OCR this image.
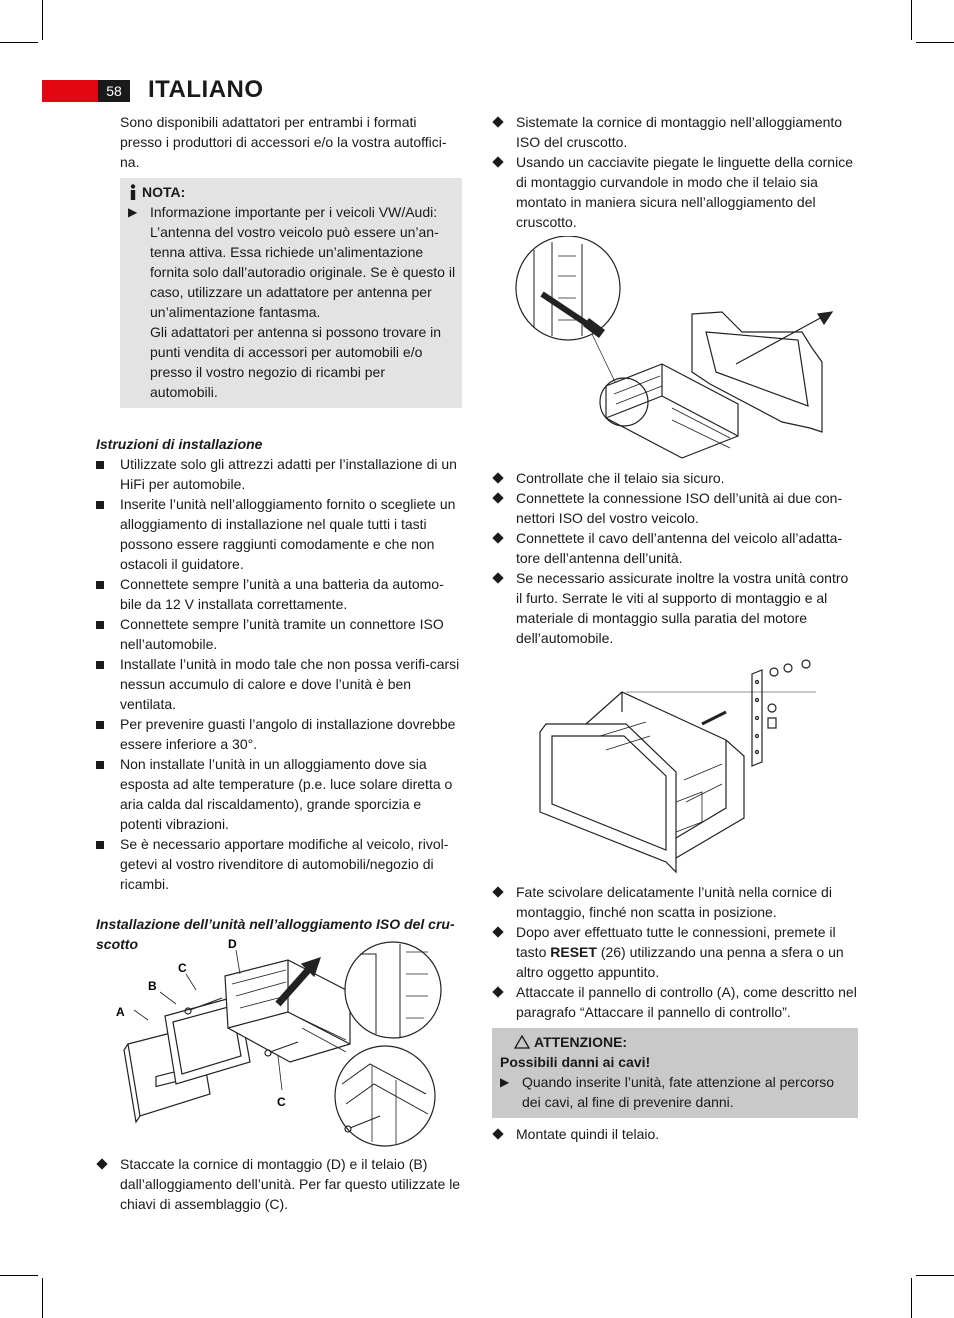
58	ITALIANO

Sono disponibili adattatori per entrambi i formati presso i produttori di accessori e/o la vostra autoffici-na.

NOTA:
▶ Informazione importante per i veicoli VW/Audi: L’antenna del vostro veicolo può essere un’an-tenna attiva. Essa richiede un’alimentazione fornita solo dall’autoradio originale. Se è questo il caso, utilizzare un adattatore per antenna per un’alimentazione fantasma.

Gli adattatori per antenna si possono trovare in punti vendita di accessori per automobili e/o presso il vostro negozio di ricambi per automobili.

Istruzioni di installazione

Utilizzate solo gli attrezzi adatti per l’installazione di un HiFi per automobile.
Inserite l’unità nell’alloggiamento fornito o scegliete un alloggiamento di installazione nel quale tutti i tasti possono essere raggiunti comodamente e che non ostacoli il guidatore.
Connettete sempre l’unità a una batteria da automo-bile da 12 V installata correttamente.
Connettete sempre l’unità tramite un connettore ISO nell’automobile.
Installate l’unità in modo tale che non possa verifi-carsi nessun accumulo di calore e dove l’unità è ben ventilata.
Per prevenire guasti l’angolo di installazione dovrebbe essere inferiore a 30°.
Non installate l’unità in un alloggiamento dove sia esposta ad alte temperature (p.e. luce solare diretta o aria calda dal riscaldamento), grande sporcizia e potenti vibrazioni.
Se è necessario apportare modifiche al veicolo, rivol-getevi al vostro rivenditore di automobili/negozio di ricambi.

Installazione dell’unità nell’alloggiamento ISO del cru-scotto

A
B
C
D
C
Staccate la cornice di montaggio (D) e il telaio (B) dall’alloggiamento dell’unità. Per far questo utilizzate le chiavi di assemblaggio (C).
Sistemate la cornice di montaggio nell’alloggiamento ISO del cruscotto.
Usando un cacciavite piegate le linguette della cornice di montaggio curvandole in modo che il telaio sia montato in maniera sicura nell’alloggiamento del cruscotto.
Controllate che il telaio sia sicuro.
Connettete la connessione ISO dell’unità ai due con-nettori ISO del vostro veicolo.
Connettete il cavo dell’antenna del veicolo all’adatta-tore dell’antenna dell’unità.
Se necessario assicurate inoltre la vostra unità contro il furto. Serrate le viti al supporto di montaggio e al materiale di montaggio sulla paratia del motore dell’automobile.
Fate scivolare delicatamente l’unità nella cornice di montaggio, finché non scatta in posizione.
Dopo aver effettuato tutte le connessioni, premete il tasto RESET (26) utilizzando una penna a sfera o un altro oggetto appuntito.
Attaccate il pannello di controllo (A), come descritto nel paragrafo “Attaccare il pannello di controllo”.
ATTENZIONE:

Possibili danni ai cavi!

▶ Quando inserite l’unità, fate attenzione al percorso dei cavi, al fine di prevenire danni.

Montate quindi il telaio.
